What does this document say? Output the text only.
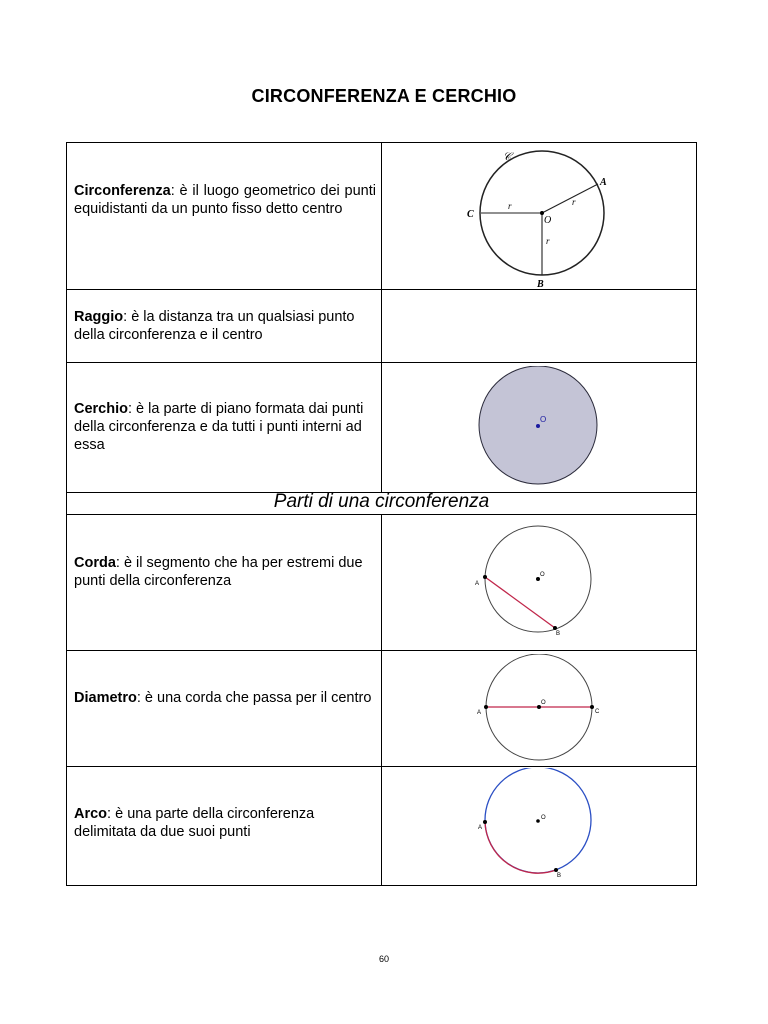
CIRCONFERENZA E CERCHIO
Circonferenza: è il luogo geometrico dei punti equidistanti da un punto fisso detto centro
Raggio: è la distanza tra un qualsiasi punto della circonferenza e il centro
Cerchio: è la parte di piano formata dai punti della circonferenza e da tutti i punti interni ad essa
Parti di una circonferenza
Corda: è il segmento che ha per estremi due punti della circonferenza
Diametro: è una corda che passa per il centro
Arco: è una parte della circonferenza delimitata da due suoi punti
𝒞
A
B
C
O
r	r
r
O
O
A
B
O
A	C
O
A
B
60
